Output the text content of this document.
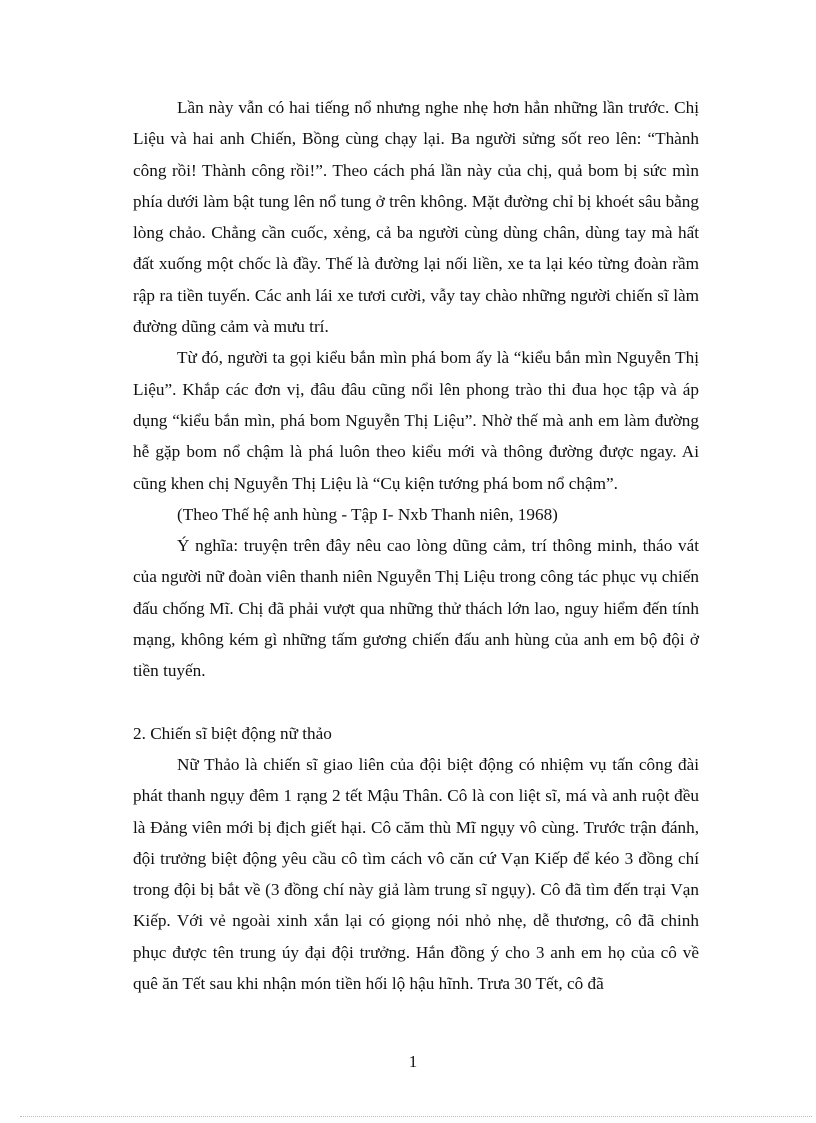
Lần này vẫn có hai tiếng nổ nhưng nghe nhẹ hơn hẳn những lần trước. Chị Liệu và hai anh Chiến, Bồng cùng chạy lại. Ba người sửng sốt reo lên: “Thành công rồi! Thành công rồi!”. Theo cách phá lần này của chị, quả bom bị sức mìn phía dưới làm bật tung lên nổ tung ở trên không. Mặt đường chỉ bị khoét sâu bằng lòng chảo. Chẳng cần cuốc, xẻng, cả ba người cùng dùng chân, dùng tay mà hất đất xuống một chốc là đầy. Thế là đường lại nối liền, xe ta lại kéo từng đoàn rầm rập ra tiền tuyến. Các anh lái xe tươi cười, vẫy tay chào những người chiến sĩ làm đường dũng cảm và mưu trí.

Từ đó, người ta gọi kiểu bắn mìn phá bom ấy là “kiểu bắn mìn Nguyễn Thị Liệu”. Khắp các đơn vị, đâu đâu cũng nổi lên phong trào thi đua học tập và áp dụng “kiểu bắn mìn, phá bom Nguyễn Thị Liệu”. Nhờ thế mà anh em làm đường hễ gặp bom nổ chậm là phá luôn theo kiểu mới và thông đường được ngay. Ai cũng khen chị Nguyễn Thị Liệu là “Cụ kiện tướng phá bom nổ chậm”.

(Theo Thế hệ anh hùng - Tập I- Nxb Thanh niên, 1968)

Ý nghĩa: truyện trên đây nêu cao lòng dũng cảm, trí thông minh, tháo vát của người nữ đoàn viên thanh niên Nguyễn Thị Liệu trong công tác phục vụ chiến đấu chống Mĩ. Chị đã phải vượt qua những thử thách lớn lao, nguy hiểm đến tính mạng, không kém gì những tấm gương chiến đấu anh hùng của anh em bộ đội ở tiền tuyến.

2. Chiến sĩ biệt động nữ thảo

Nữ Thảo là chiến sĩ giao liên của đội biệt động có nhiệm vụ tấn công đài phát thanh ngụy đêm 1 rạng 2 tết Mậu Thân. Cô là con liệt sĩ, má và anh ruột đều là Đảng viên mới bị địch giết hại. Cô căm thù Mĩ ngụy vô cùng. Trước trận đánh, đội trưởng biệt động yêu cầu cô tìm cách vô căn cứ Vạn Kiếp để kéo 3 đồng chí trong đội bị bắt về (3 đồng chí này giả làm trung sĩ ngụy). Cô đã tìm đến trại Vạn Kiếp. Với vẻ ngoài xinh xắn lại có giọng nói nhỏ nhẹ, dễ thương, cô đã chinh phục được tên trung úy đại đội trưởng. Hắn đồng ý cho 3 anh em họ của cô về quê ăn Tết sau khi nhận món tiền hối lộ hậu hĩnh. Trưa 30 Tết, cô đã

1
